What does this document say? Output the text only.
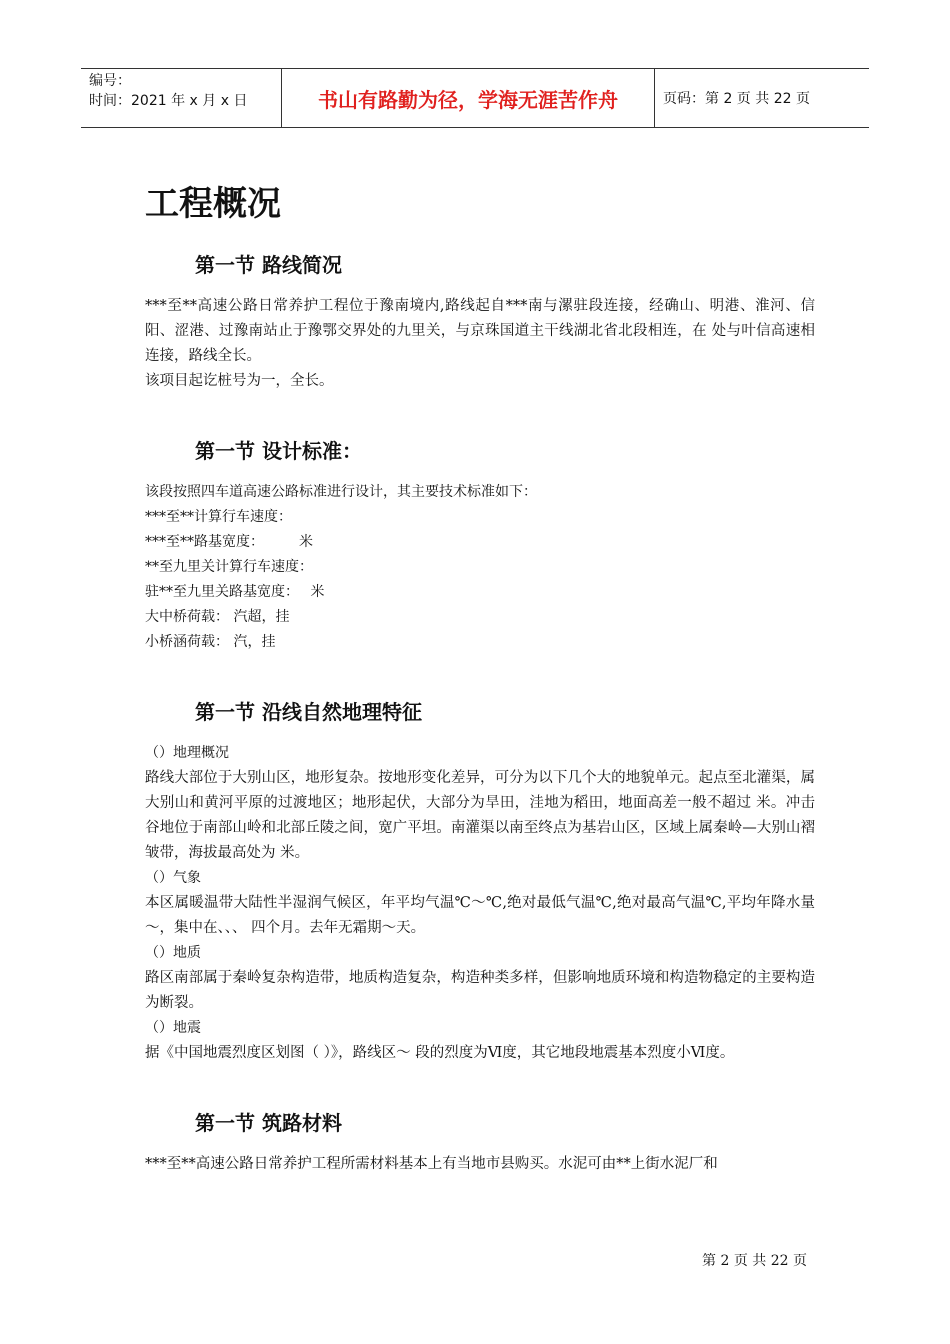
编号：
时间：2021 年 x 月 x 日	书山有路勤为径，学海无涯苦作舟	页码：第 2 页 共 22 页
工程概况
第一节 路线简况

***至**高速公路日常养护工程位于豫南境内,路线起自***南与漯驻段连接，经确山、明港、淮河、信阳、涩港、过豫南站止于豫鄂交界处的九里关，与京珠国道主干线湖北省北段相连，在 处与叶信高速相连接，路线全长。

该项目起讫桩号为一，全长。

第一节 设计标准：

该段按照四车道高速公路标准进行设计，其主要技术标准如下：

***至**计算行车速度：

***至**路基宽度：　　　米

**至九里关计算行车速度：

驻**至九里关路基宽度：　 米

大中桥荷载： 汽超，挂

小桥涵荷载： 汽，挂

第一节 沿线自然地理特征

（）地理概况

路线大部位于大别山区，地形复杂。按地形变化差异，可分为以下几个大的地貌单元。起点至北灌渠，属大别山和黄河平原的过渡地区；地形起伏，大部分为旱田，洼地为稻田，地面高差一般不超过 米。冲击谷地位于南部山岭和北部丘陵之间，宽广平坦。南灌渠以南至终点为基岩山区，区域上属秦岭—大别山褶皱带，海拔最高处为 米。

（）气象

本区属暖温带大陆性半湿润气候区，年平均气温℃～℃,绝对最低气温℃,绝对最高气温℃,平均年降水量～，集中在、、、 四个月。去年无霜期～天。

（）地质

路区南部属于秦岭复杂构造带，地质构造复杂，构造种类多样，但影响地质环境和构造物稳定的主要构造为断裂。

（）地震

据《中国地震烈度区划图（ ）》，路线区～ 段的烈度为Ⅵ度，其它地段地震基本烈度小Ⅵ度。

第一节 筑路材料

***至**高速公路日常养护工程所需材料基本上有当地市县购买。水泥可由**上街水泥厂和

第 2 页 共 22 页
